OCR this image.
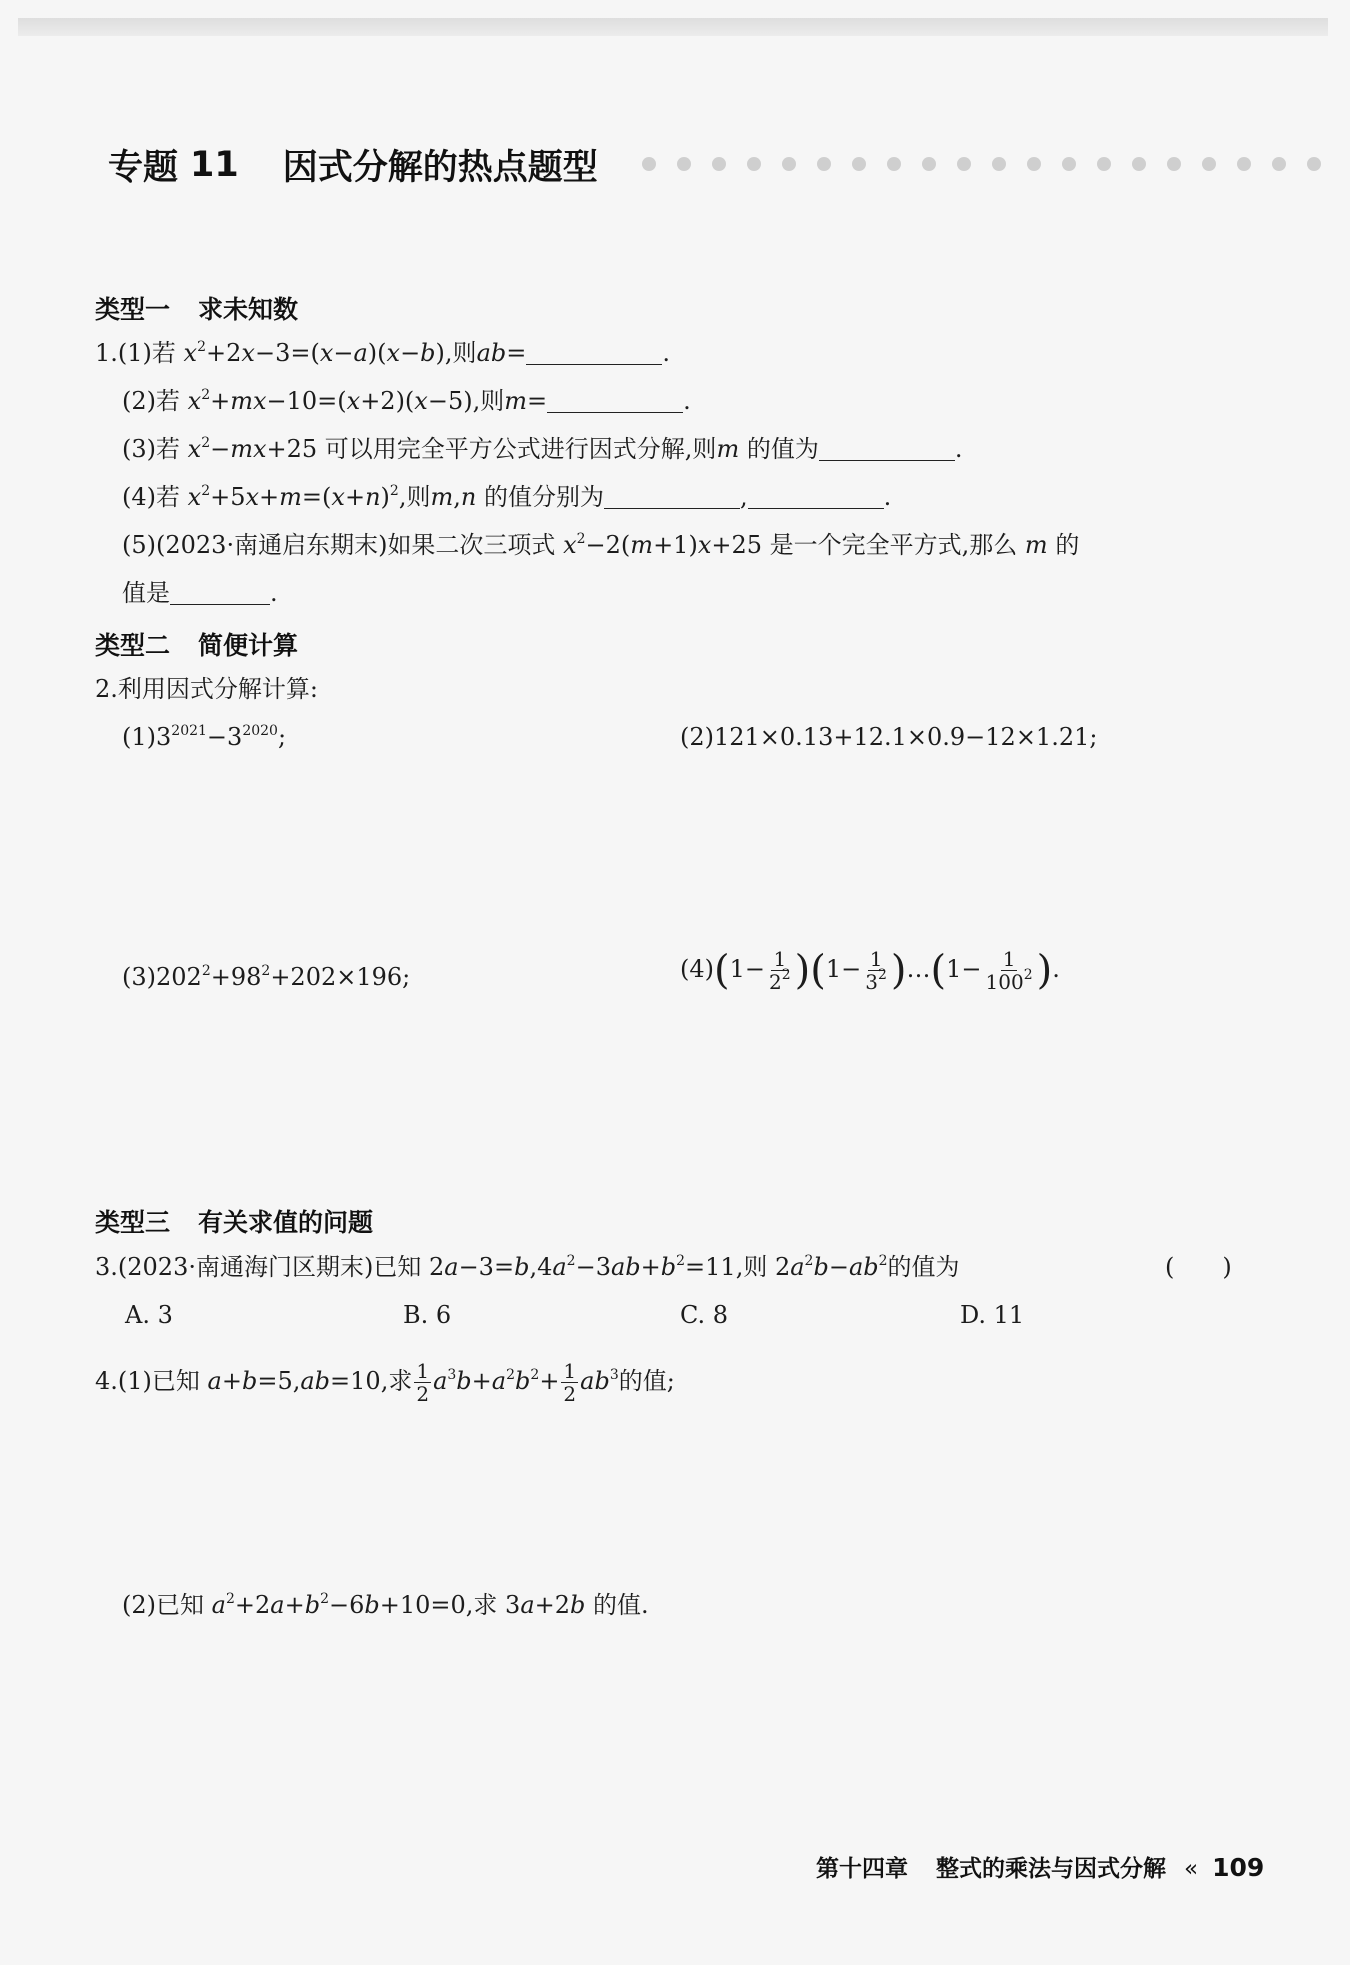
专题 11 因式分解的热点题型
类型一 求未知数
1.(1)若 $x^2+2x-3=(x-a)(x-b)$,则ab=	.
(2)若 $x^2+mx-10=(x+2)(x-5)$,则m=	.
(3)若 $x^2-mx+25$ 可以用完全平方公式进行因式分解,则m 的值为	.
(4)若 $x^2+5x+m=(x+n)^2$,则m,n 的值分别为	,	.
(5)(2023·南通启东期末)如果二次三项式 $x^2-2(m+1)x+25$ 是一个完全平方式,那么 m 的
值是	.
类型二 简便计算
2.利用因式分解计算:
$(1)3^{2021}-3^{2020}$;	(2)121×0.13+12.1×0.9−12×1.21;
$(3)202^2+98^2+202\times 196$;	$(4)(1- \frac{1}{2^2} )(1- \frac{1}{3^2}$ )…(1− $\frac{1}{100^2}$ ).
类型三 有关求值的问题
3.(2023·南通海门区期末)已知 $2a-3=b,4a^2-3ab+b^2=11$,则 $2a^2b-ab^2$的值为	(　　)
A. 3	B. 6	C. 8	D. 11
4.(1)已知 a+b=5,ab=10,求 $\frac{1}{2} a^3b+a^2b^2+ \frac{1}{2} ab^3$的值;
(2)已知 $a^2+2a+b^2-6b+10=0$,求 3a+2b 的值.
第十四章 整式的乘法与因式分解 « 109
